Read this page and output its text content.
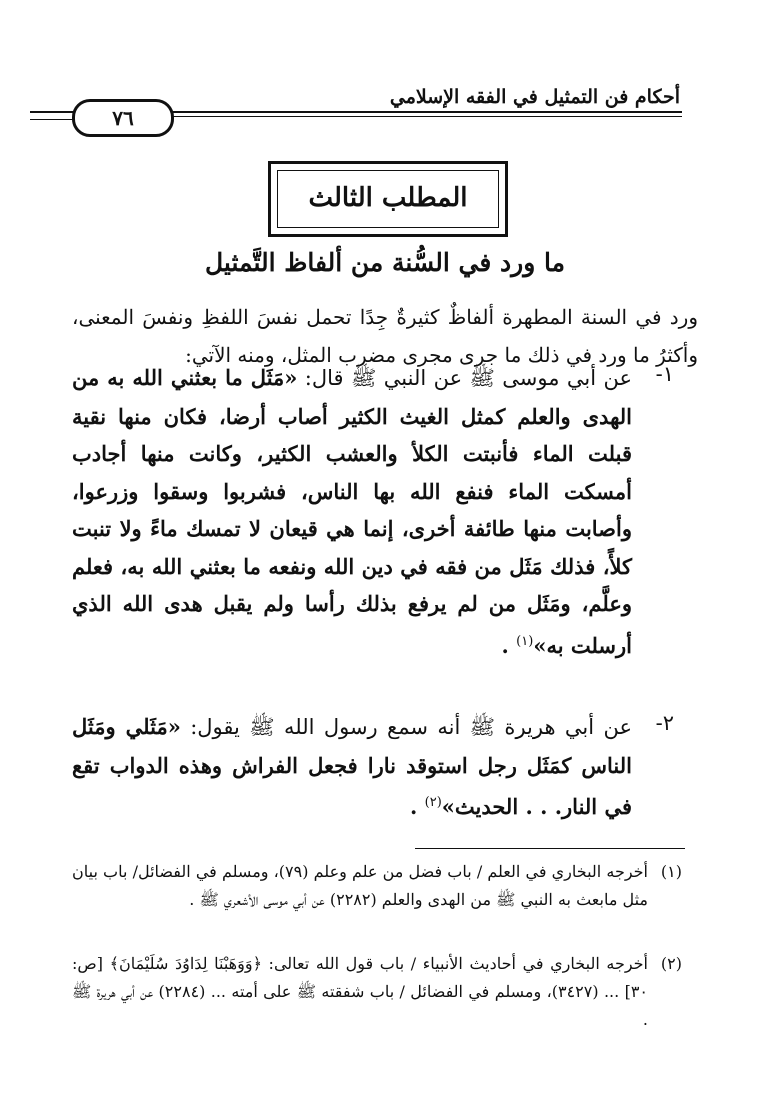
أحكام فن التمثيل في الفقه الإسلامي
٧٦
المطلب الثالث
ما ورد في السُّنة من ألفاظ التَّمثيل
ورد في السنة المطهرة ألفاظٌ كثيرةٌ جِدًا تحمل نفسَ اللفظِ ونفسَ المعنى، وأكثرُ ما ورد في ذلك ما جرى مجرى مضرب المثل، ومنه الآتي:
١-
عن أبي موسى ﷺ عن النبي ﷺ قال: «مَثَل ما بعثني الله به من الهدى والعلم كمثل الغيث الكثير أصاب أرضا، فكان منها نقية قبلت الماء فأنبتت الكلأ والعشب الكثير، وكانت منها أجادب أمسكت الماء فنفع الله بها الناس، فشربوا وسقوا وزرعوا، وأصابت منها طائفة أخرى، إنما هي قيعان لا تمسك ماءً ولا تنبت كلأً، فذلك مَثَل من فقه في دين الله ونفعه ما بعثني الله به، فعلم وعلَّم، ومَثَل من لم يرفع بذلك رأسا ولم يقبل هدى الله الذي أرسلت به»$^{(١)}$ .
٢-
عن أبي هريرة ﷺ أنه سمع رسول الله ﷺ يقول: «مَثَلي ومَثَل الناس كمَثَل رجل استوقد نارا فجعل الفراش وهذه الدواب تقع في النار. . . الحديث»$^{(٢)}$ .
(١)
أخرجه البخاري في العلم / باب فضل من علم وعلم (٧٩)، ومسلم في الفضائل/ باب بيان مثل مابعث به النبي ﷺ من الهدى والعلم (٢٢٨٢) عن أبي موسى الأشعري ﷺ .
(٢)
أخرجه البخاري في أحاديث الأنبياء / باب قول الله تعالى: ﴿وَوَهَبْنَا لِدَاوُدَ سُلَيْمَانَ﴾ [ص: ٣٠] ... (٣٤٢٧)، ومسلم في الفضائل / باب شفقته ﷺ على أمته ... (٢٢٨٤) عن أبي هريرة ﷺ .
